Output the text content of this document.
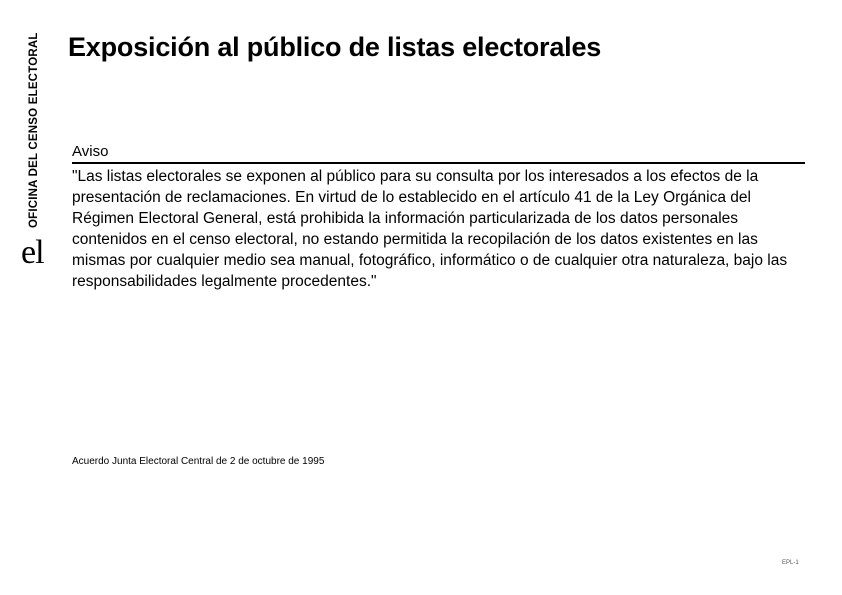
OFICINA DEL CENSO ELECTORAL
el
Exposición al público de listas electorales
Aviso
"Las listas electorales se exponen al público para su consulta por los interesados a los efectos de la presentación de reclamaciones. En virtud de lo establecido en el artículo 41 de la Ley Orgánica del Régimen Electoral General, está prohibida la información particularizada de los datos personales contenidos en el censo electoral, no estando permitida la recopilación de los datos existentes en las mismas por cualquier medio sea manual, fotográfico, informático o de cualquier otra naturaleza, bajo las responsabilidades legalmente procedentes."
Acuerdo Junta Electoral Central de 2 de octubre de 1995
EPL-1
